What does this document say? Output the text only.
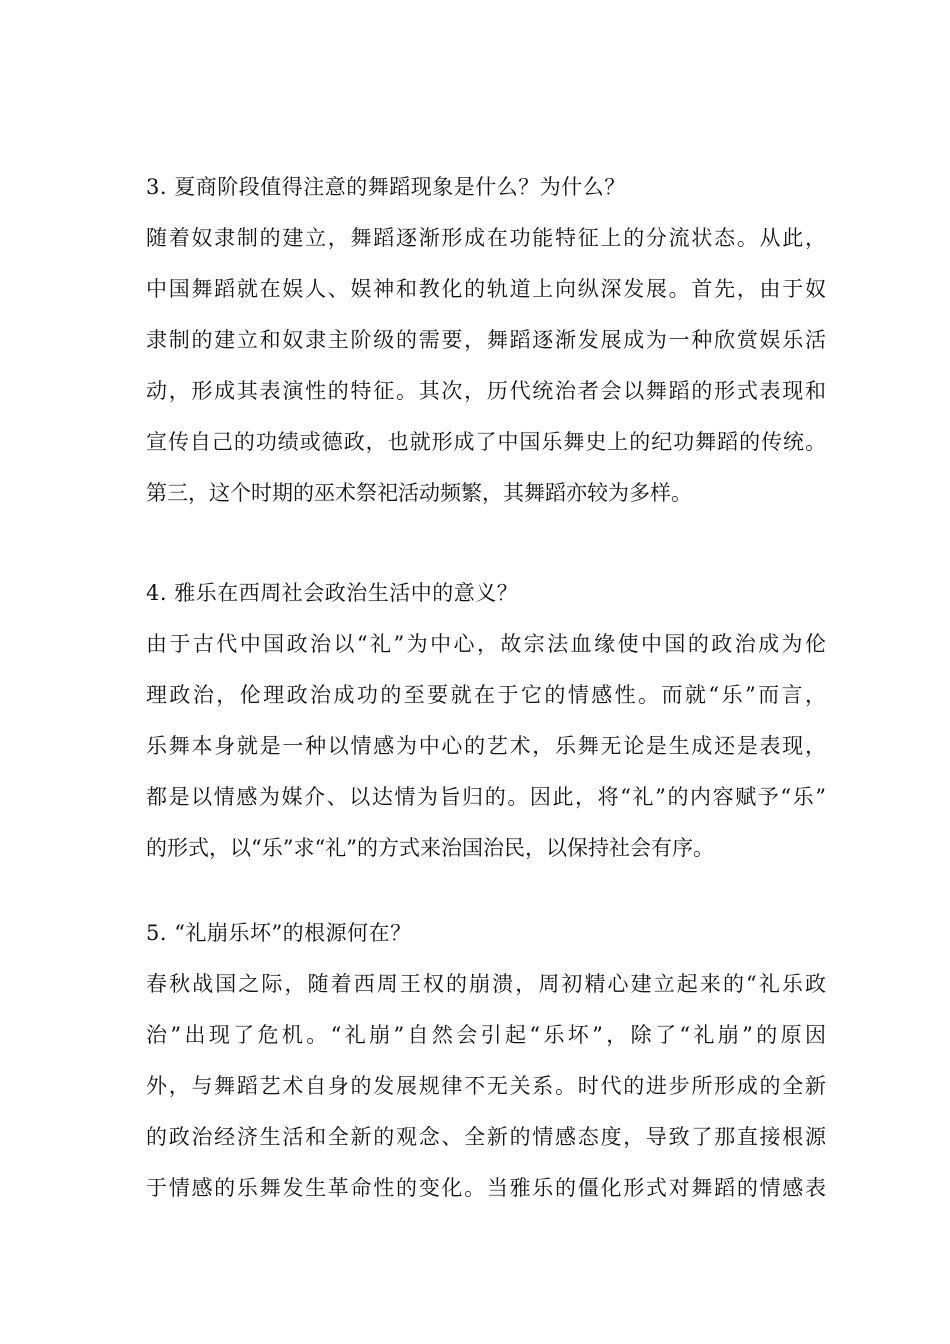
3. 夏商阶段值得注意的舞蹈现象是什么？为什么？
随着奴隶制的建立，舞蹈逐渐形成在功能特征上的分流状态。从此，
中国舞蹈就在娱人、娱神和教化的轨道上向纵深发展。首先，由于奴
隶制的建立和奴隶主阶级的需要，舞蹈逐渐发展成为一种欣赏娱乐活
动，形成其表演性的特征。其次，历代统治者会以舞蹈的形式表现和
宣传自己的功绩或德政，也就形成了中国乐舞史上的纪功舞蹈的传统。
第三，这个时期的巫术祭祀活动频繁，其舞蹈亦较为多样。
4. 雅乐在西周社会政治生活中的意义？
由于古代中国政治以“礼”为中心，故宗法血缘使中国的政治成为伦
理政治，伦理政治成功的至要就在于它的情感性。而就“乐”而言，
乐舞本身就是一种以情感为中心的艺术，乐舞无论是生成还是表现，
都是以情感为媒介、以达情为旨归的。因此，将“礼”的内容赋予“乐”
的形式，以“乐”求“礼”的方式来治国治民，以保持社会有序。
5. “礼崩乐坏”的根源何在？
春秋战国之际，随着西周王权的崩溃，周初精心建立起来的“礼乐政
治”出现了危机。“礼崩”自然会引起“乐坏”，除了“礼崩”的原因
外，与舞蹈艺术自身的发展规律不无关系。时代的进步所形成的全新
的政治经济生活和全新的观念、全新的情感态度，导致了那直接根源
于情感的乐舞发生革命性的变化。当雅乐的僵化形式对舞蹈的情感表
